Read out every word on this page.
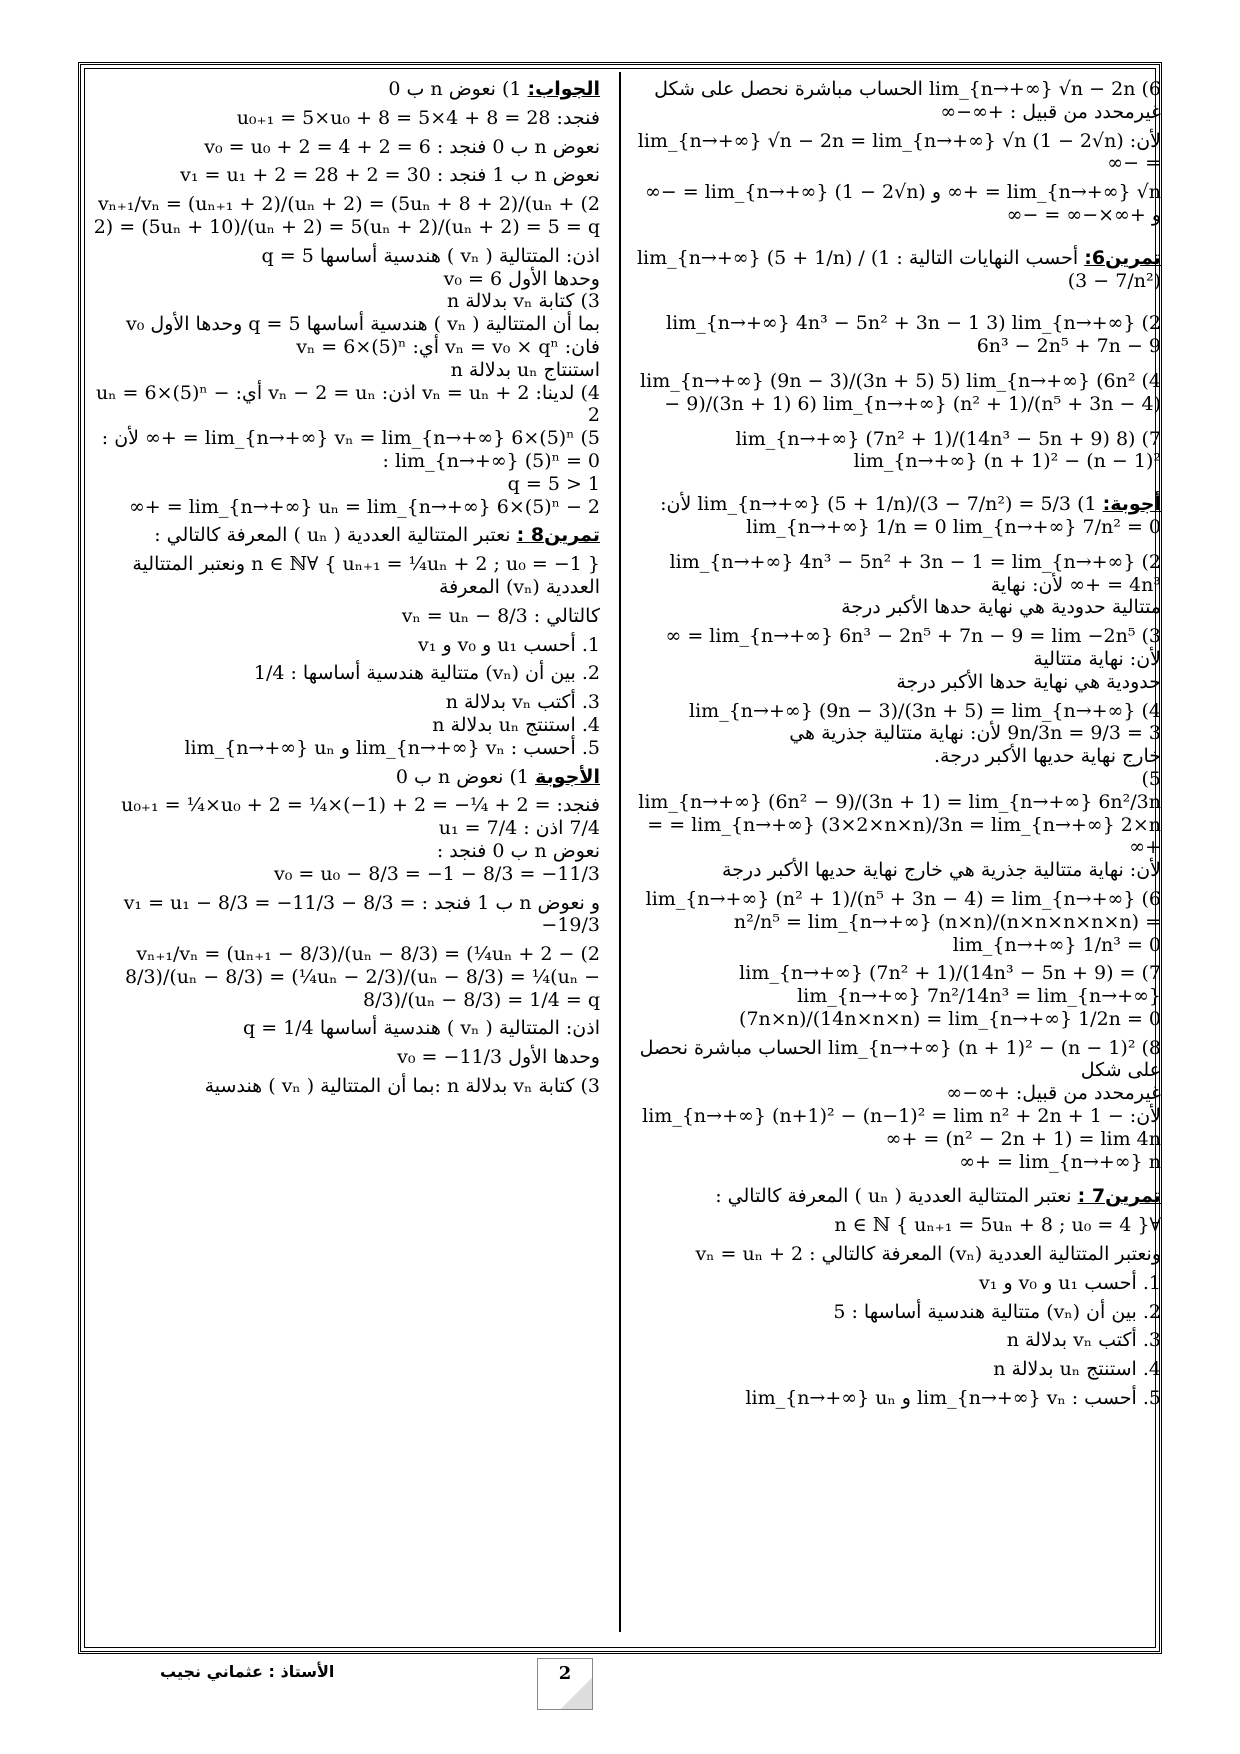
6) lim_{n→+∞} √n − 2n الحساب مباشرة نحصل على شكل غيرمحدد من قبيل : +∞−∞

لأن: lim_{n→+∞} √n − 2n = lim_{n→+∞} √n (1 − 2√n) = −∞

lim_{n→+∞} √n = +∞ و lim_{n→+∞} (1 − 2√n) = −∞ و +∞×−∞ = −∞

تمرين6: أحسب النهايات التالية : 1) lim_{n→+∞} (5 + 1/n) / (3 − 7/n²)

2) lim_{n→+∞} 4n³ − 5n² + 3n − 1 3) lim_{n→+∞} 6n³ − 2n⁵ + 7n − 9

4) lim_{n→+∞} (9n − 3)/(3n + 5) 5) lim_{n→+∞} (6n² − 9)/(3n + 1) 6) lim_{n→+∞} (n² + 1)/(n⁵ + 3n − 4)

7) lim_{n→+∞} (7n² + 1)/(14n³ − 5n + 9) 8) lim_{n→+∞} (n + 1)² − (n − 1)²

أجوبة: 1) lim_{n→+∞} (5 + 1/n)/(3 − 7/n²) = 5/3 لأن: lim_{n→+∞} 1/n = 0 lim_{n→+∞} 7/n² = 0

2) lim_{n→+∞} 4n³ − 5n² + 3n − 1 = lim_{n→+∞} 4n³ = +∞ لأن: نهاية

متتالية حدودية هي نهاية حدها الأكبر درجة

3) lim_{n→+∞} 6n³ − 2n⁵ + 7n − 9 = lim −2n⁵ = ∞ لأن: نهاية متتالية

حدودية هي نهاية حدها الأكبر درجة

4) lim_{n→+∞} (9n − 3)/(3n + 5) = lim_{n→+∞} 9n/3n = 9/3 = 3 لأن: نهاية متتالية جذرية هي

خارج نهاية حديها الأكبر درجة.

5)

lim_{n→+∞} (6n² − 9)/(3n + 1) = lim_{n→+∞} 6n²/3n = lim_{n→+∞} (3×2×n×n)/3n = lim_{n→+∞} 2×n = +∞

لأن: نهاية متتالية جذرية هي خارج نهاية حديها الأكبر درجة

6) lim_{n→+∞} (n² + 1)/(n⁵ + 3n − 4) = lim_{n→+∞} n²/n⁵ = lim_{n→+∞} (n×n)/(n×n×n×n×n) = lim_{n→+∞} 1/n³ = 0

7) lim_{n→+∞} (7n² + 1)/(14n³ − 5n + 9) = lim_{n→+∞} 7n²/14n³ = lim_{n→+∞} (7n×n)/(14n×n×n) = lim_{n→+∞} 1/2n = 0

8) lim_{n→+∞} (n + 1)² − (n − 1)² الحساب مباشرة نحصل على شكل

غيرمحدد من قبيل: +∞−∞

لأن: lim_{n→+∞} (n+1)² − (n−1)² = lim n² + 2n + 1 − (n² − 2n + 1) = lim 4n = +∞

lim_{n→+∞} n = +∞

تمرين7 : نعتبر المتتالية العددية ( uₙ ) المعرفة كالتالي :

∀n ∈ ℕ { uₙ₊₁ = 5uₙ + 8 ; u₀ = 4 }

ونعتبر المتتالية العددية (vₙ) المعرفة كالتالي : vₙ = uₙ + 2

1. أحسب u₁ و v₀ و v₁

2. بين أن (vₙ) متتالية هندسية أساسها : 5

3. أكتب vₙ بدلالة n

4. استنتج uₙ بدلالة n

5. أحسب : lim_{n→+∞} vₙ و lim_{n→+∞} uₙ

الجواب: 1) نعوض n ب 0

فنجد: u₀₊₁ = 5×u₀ + 8 = 5×4 + 8 = 28

نعوض n ب 0 فنجد : v₀ = u₀ + 2 = 4 + 2 = 6

نعوض n ب 1 فنجد : v₁ = u₁ + 2 = 28 + 2 = 30

2) vₙ₊₁/vₙ = (uₙ₊₁ + 2)/(uₙ + 2) = (5uₙ + 8 + 2)/(uₙ + 2) = (5uₙ + 10)/(uₙ + 2) = 5(uₙ + 2)/(uₙ + 2) = 5 = q

اذن: المتتالية ( vₙ ) هندسية أساسها q = 5

وحدها الأول v₀ = 6

3) كتابة vₙ بدلالة n

بما أن المتتالية ( vₙ ) هندسية أساسها q = 5 وحدها الأول v₀

فان: vₙ = v₀ × qⁿ أي: vₙ = 6×(5)ⁿ

استنتاج uₙ بدلالة n

4) لدينا: vₙ = uₙ + 2 اذن: vₙ − 2 = uₙ أي: uₙ = 6×(5)ⁿ − 2

5) lim_{n→+∞} vₙ = lim_{n→+∞} 6×(5)ⁿ = +∞ لأن : lim_{n→+∞} (5)ⁿ = 0 :

q = 5 > 1

lim_{n→+∞} uₙ = lim_{n→+∞} 6×(5)ⁿ − 2 = +∞

تمرين8 : نعتبر المتتالية العددية ( uₙ ) المعرفة كالتالي :

{ uₙ₊₁ = ¼uₙ + 2 ; u₀ = −1 } ∀n ∈ ℕ ونعتبر المتتالية العددية (vₙ) المعرفة

كالتالي : vₙ = uₙ − 8/3

1. أحسب u₁ و v₀ و v₁

2. بين أن (vₙ) متتالية هندسية أساسها : 1/4

3. أكتب vₙ بدلالة n

4. استنتج uₙ بدلالة n

5. أحسب : lim_{n→+∞} vₙ و lim_{n→+∞} uₙ

الأجوبة 1) نعوض n ب 0

فنجد: u₀₊₁ = ¼×u₀ + 2 = ¼×(−1) + 2 = −¼ + 2 = 7/4 اذن : u₁ = 7/4

نعوض n ب 0 فنجد :

v₀ = u₀ − 8/3 = −1 − 8/3 = −11/3

و نعوض n ب 1 فنجد : v₁ = u₁ − 8/3 = −11/3 − 8/3 = −19/3

2) vₙ₊₁/vₙ = (uₙ₊₁ − 8/3)/(uₙ − 8/3) = (¼uₙ + 2 − 8/3)/(uₙ − 8/3) = (¼uₙ − 2/3)/(uₙ − 8/3) = ¼(uₙ − 8/3)/(uₙ − 8/3) = 1/4 = q

اذن: المتتالية ( vₙ ) هندسية أساسها q = 1/4

وحدها الأول v₀ = −11/3

3) كتابة vₙ بدلالة n :بما أن المتتالية ( vₙ ) هندسية

الأستاذ : عثماني نجيب	2
